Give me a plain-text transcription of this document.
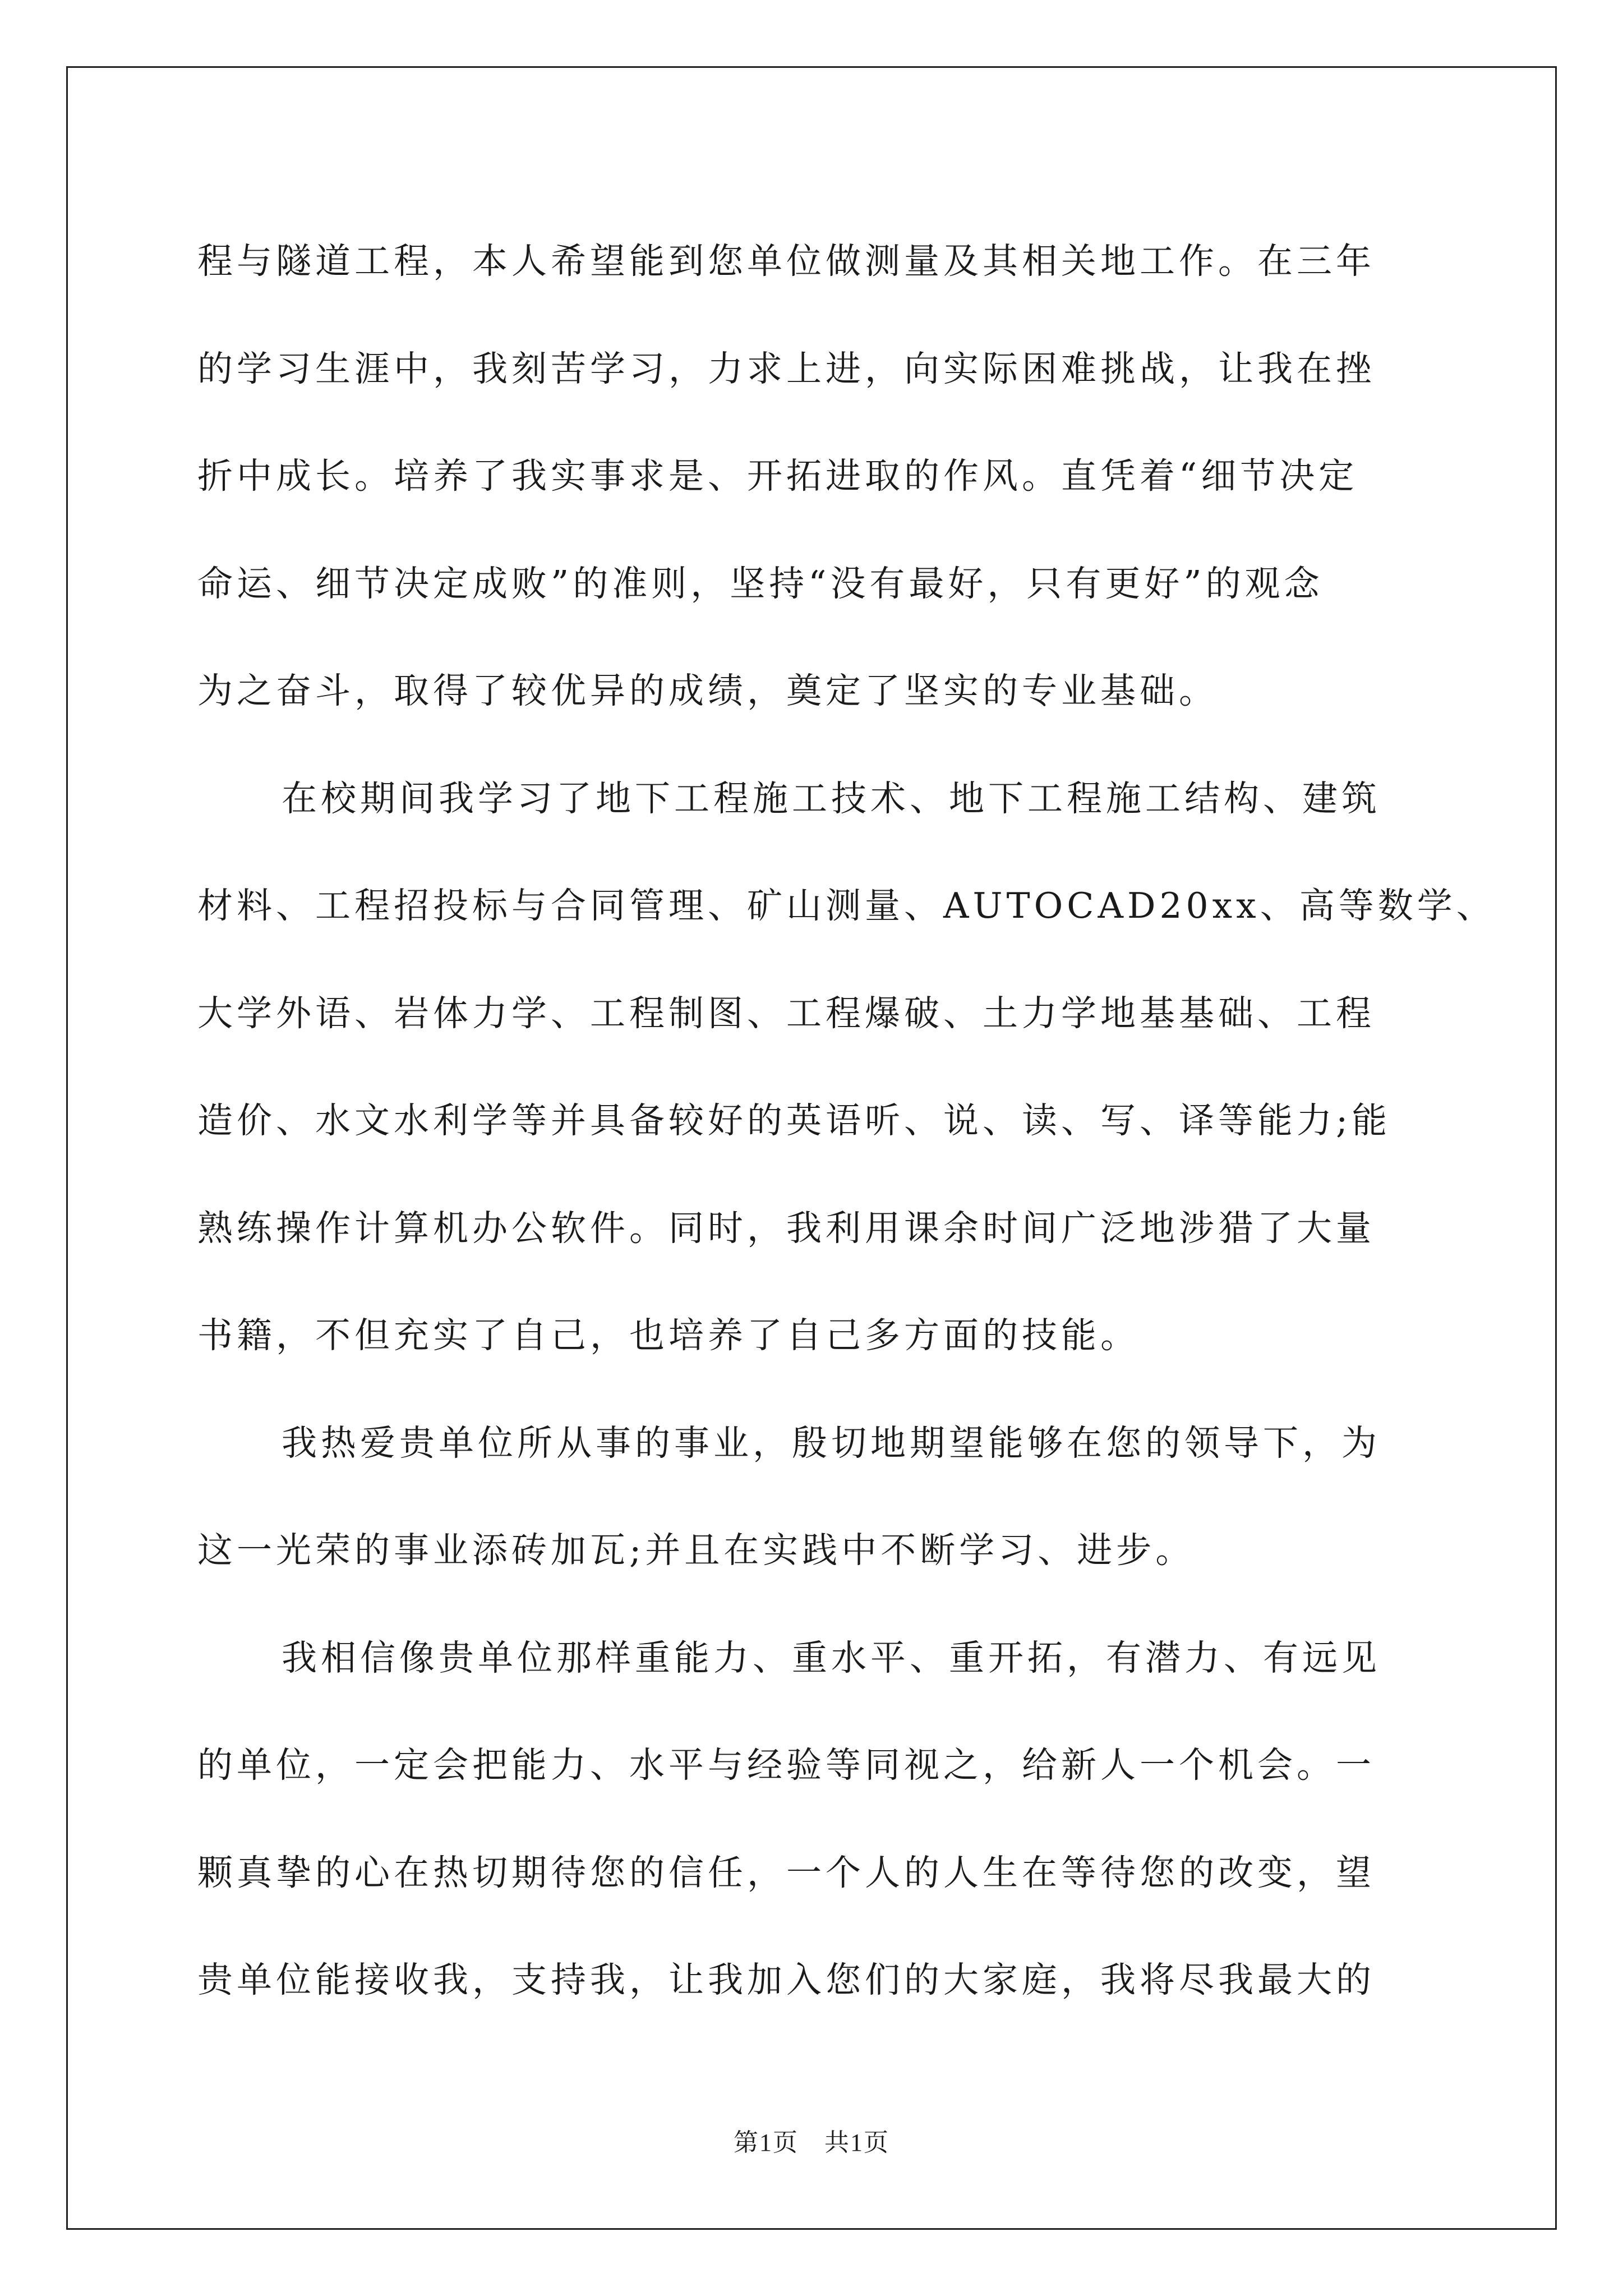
程与隧道工程，本人希望能到您单位做测量及其相关地工作。在三年
的学习生涯中，我刻苦学习，力求上进，向实际困难挑战，让我在挫
折中成长。培养了我实事求是、开拓进取的作风。直凭着“细节决定
命运、细节决定成败”的准则，坚持“没有最好，只有更好”的观念
为之奋斗，取得了较优异的成绩，奠定了坚实的专业基础。
在校期间我学习了地下工程施工技术、地下工程施工结构、建筑
材料、工程招投标与合同管理、矿山测量、AUTOCAD20xx、高等数学、
大学外语、岩体力学、工程制图、工程爆破、土力学地基基础、工程
造价、水文水利学等并具备较好的英语听、说、读、写、译等能力;能
熟练操作计算机办公软件。同时，我利用课余时间广泛地涉猎了大量
书籍，不但充实了自己，也培养了自己多方面的技能。
我热爱贵单位所从事的事业，殷切地期望能够在您的领导下，为
这一光荣的事业添砖加瓦;并且在实践中不断学习、进步。
我相信像贵单位那样重能力、重水平、重开拓，有潜力、有远见
的单位，一定会把能力、水平与经验等同视之，给新人一个机会。一
颗真挚的心在热切期待您的信任，一个人的人生在等待您的改变，望
贵单位能接收我，支持我，让我加入您们的大家庭，我将尽我最大的
第1页　共1页
